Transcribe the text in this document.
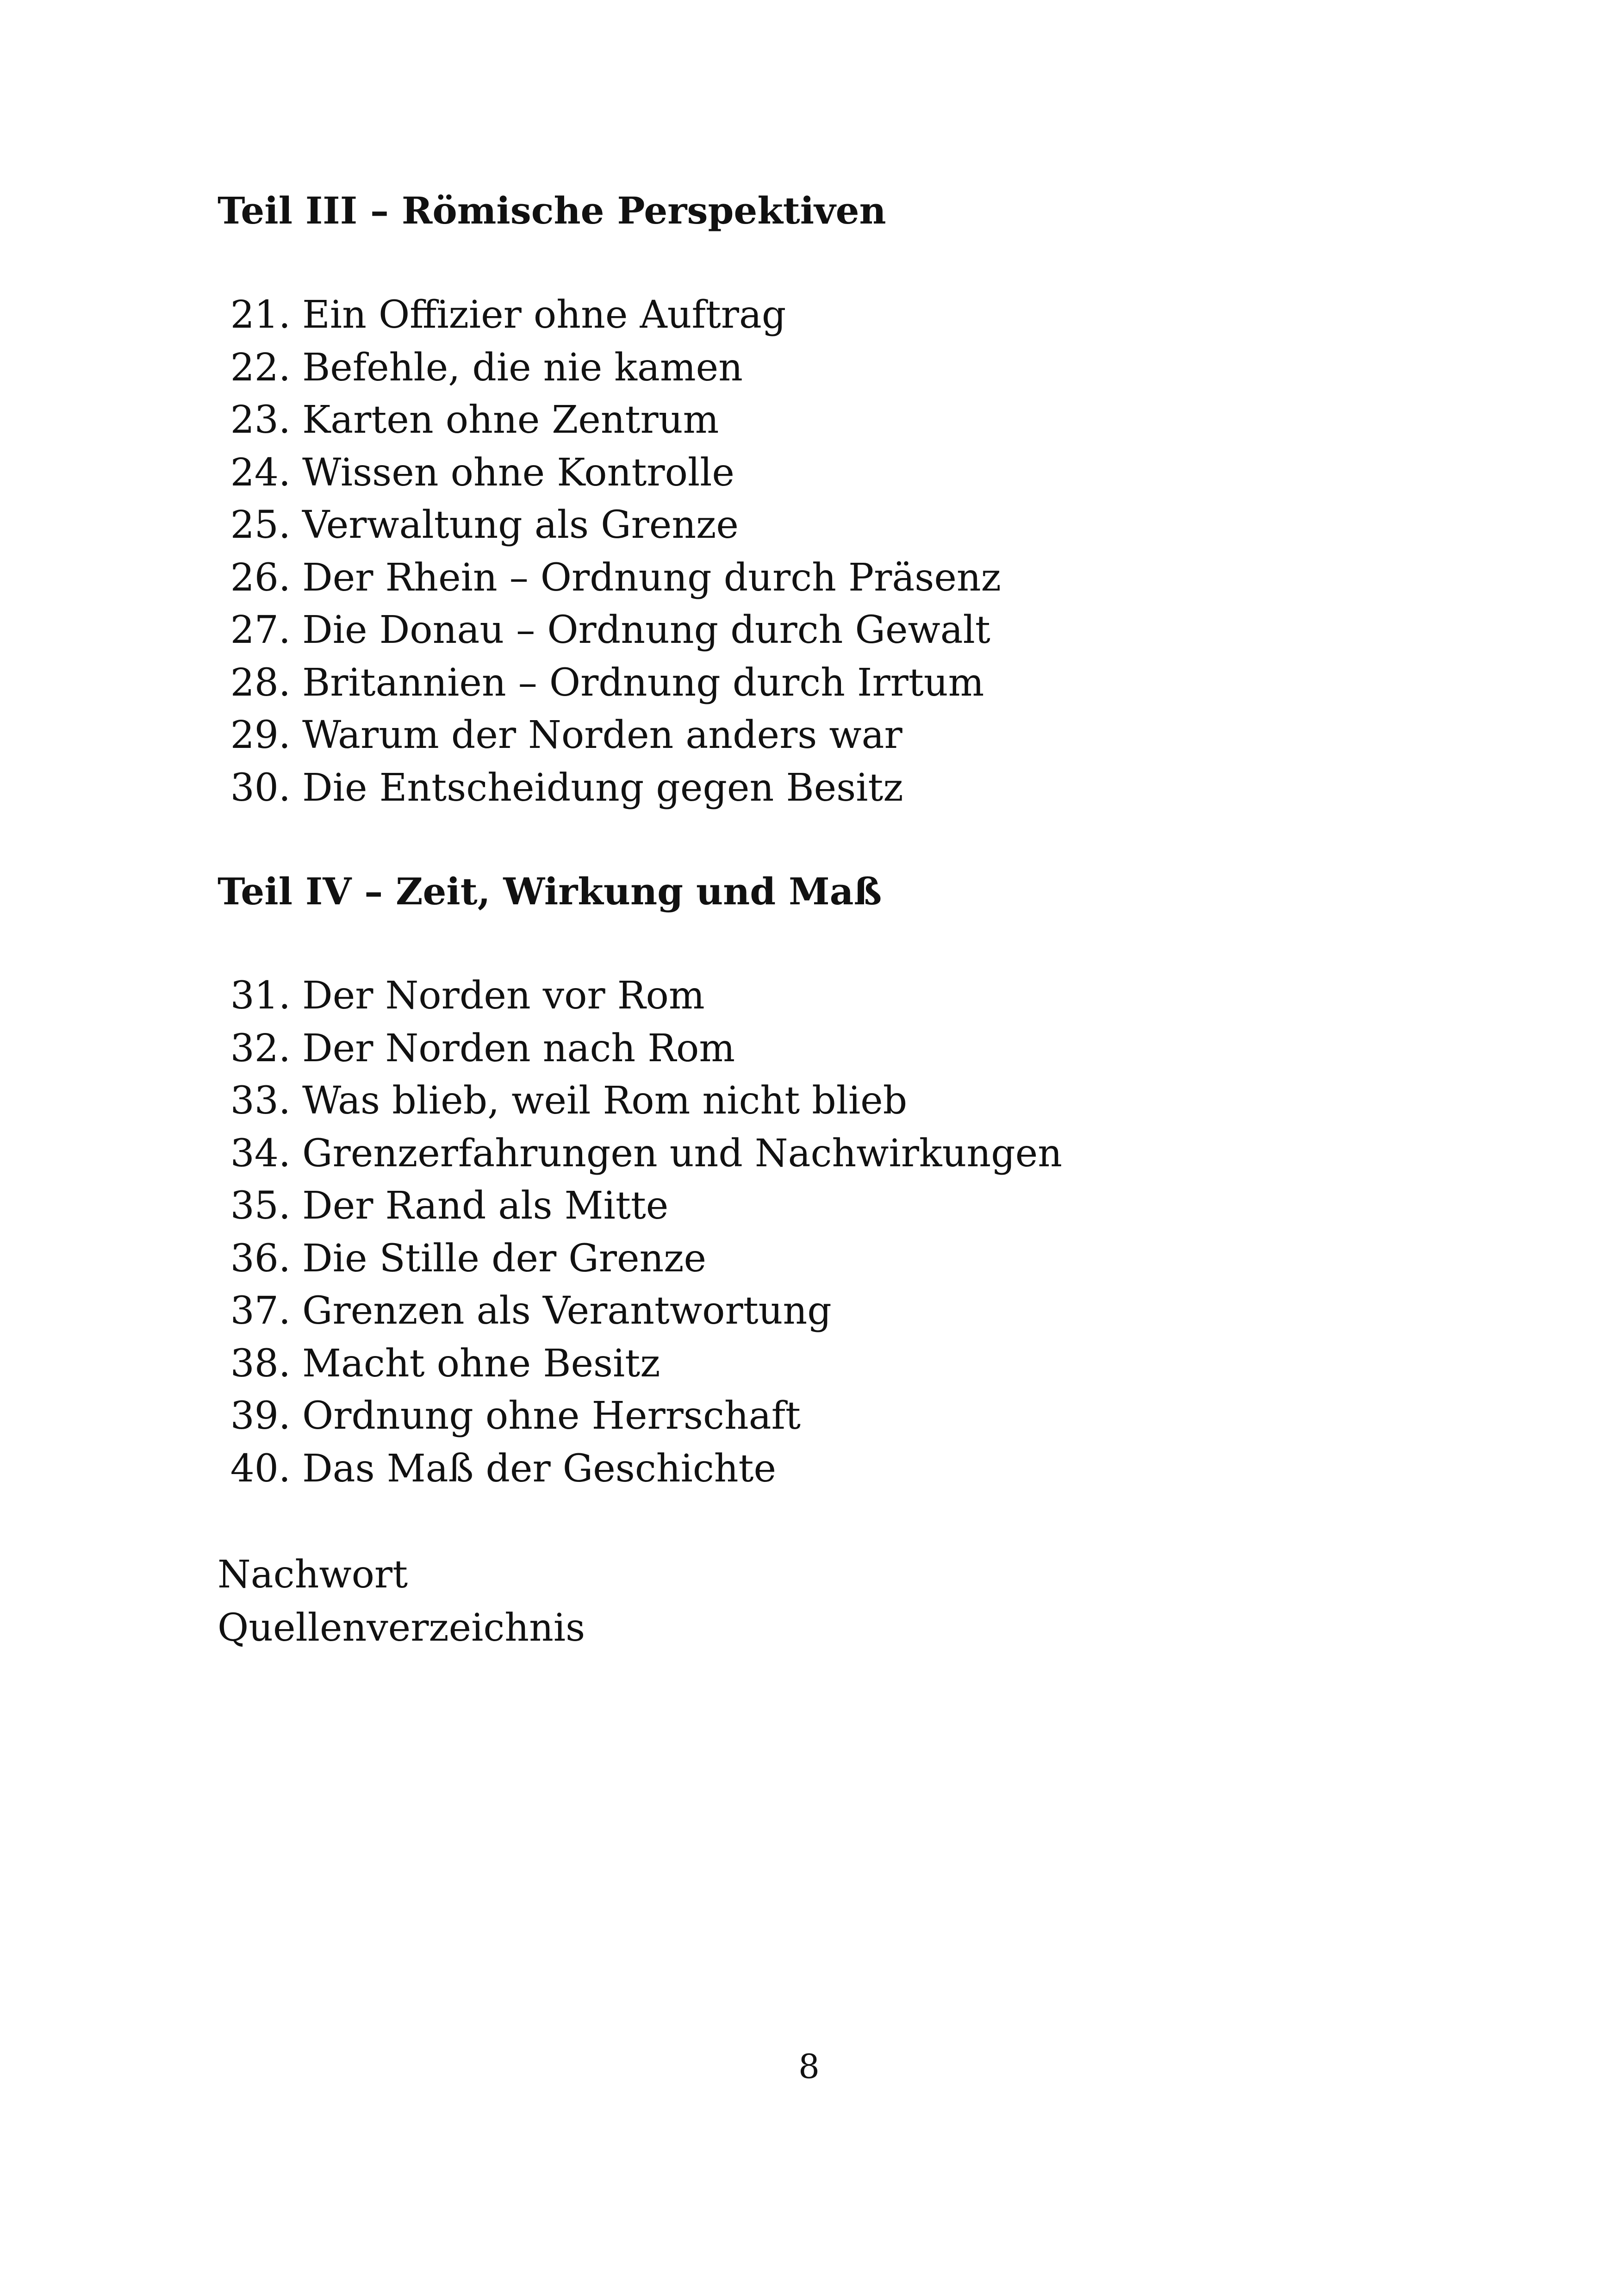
Teil III – Römische Perspektiven
21. Ein Offizier ohne Auftrag
22. Befehle, die nie kamen
23. Karten ohne Zentrum
24. Wissen ohne Kontrolle
25. Verwaltung als Grenze
26. Der Rhein – Ordnung durch Präsenz
27. Die Donau – Ordnung durch Gewalt
28. Britannien – Ordnung durch Irrtum
29. Warum der Norden anders war
30. Die Entscheidung gegen Besitz
Teil IV – Zeit, Wirkung und Maß
31. Der Norden vor Rom
32. Der Norden nach Rom
33. Was blieb, weil Rom nicht blieb
34. Grenzerfahrungen und Nachwirkungen
35. Der Rand als Mitte
36. Die Stille der Grenze
37. Grenzen als Verantwortung
38. Macht ohne Besitz
39. Ordnung ohne Herrschaft
40. Das Maß der Geschichte
Nachwort
Quellenverzeichnis
8
